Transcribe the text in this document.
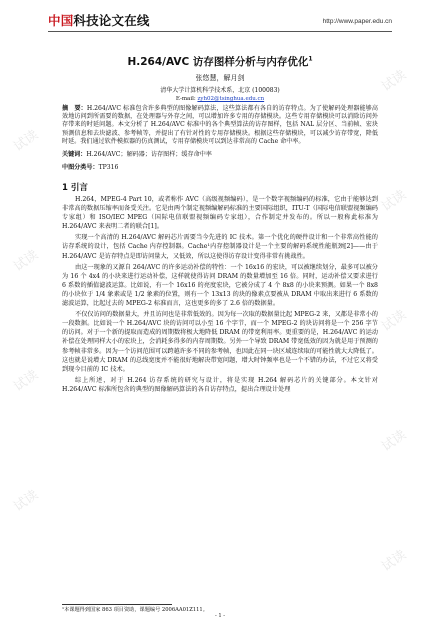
试读
试读
试读
试读
试读
试读
试读
试读
试读
中国科技论文在线	http://www.paper.edu.cn
H.264/AVC 访存图样分析与内存优化$^1$
张悠慧，解月剑
清华大学计算机科学技术系，北京 (100083)
E-mail: zyh02@tsinghua.edu.cn
摘　要：H.264/AVC 标准包含许多典型的图像解码算法，这些算法都有各自的访存特点。为了使解码处理器能够高效地访问到所需要的数据，在处理器与外存之间，可以增加许多专用的存储模块。这些专用存储模块可以消除访问外存带来的时延问题。本文分析了 H.264/AVC 标准中的各个典型算法的访存图样，包括 NAL 层分区、当前帧、宏块预测信息和去块滤波、参考帧等，并提出了有针对性的专用存储模块。根据这些存储模块，可以减少访存带宽，降低时延。我们通过软件模拟器的仿真测试，专用存储模块可以到达非常高的 Cache 命中率。
关键词：H.264/AVC；解码器；访存图样；缓存命中率
中图分类号：TP316
1 引言
H.264，MPEG-4 Part 10，或者称作 AVC（高级视频编码），是一个数字视频编码的标准，它由于能够达到非常高的数据压缩率而备受关注。它是由两个制定视频编解码标准的主要国际组织，ITU-T（国际电信联盟视频编码专家组）和 ISO/IEC MPEG（国际电信联盟视频编码专家组），合作制定并发布的。所以一般称此标准为 H.264/AVC 来表明二者的联合[1]。
实现一个高清的 H.264/AVC 解码芯片需要当今先进的 IC 技术。第一个优化的硬件设计和一个非常高性能的访存系统的设计，包括 Cache 内存控制器。Cache¹内存控制器设计是一个主要的解码系统性能瓶颈[2]——由于 H.264/AVC 是访存特点是即访问量大，又低效，所以这使得访存设计变得非常有挑战性。
由这一现象的又源自 264/AVC 的许多运动补偿的特性：一个 16x16 的宏块，可以被继续划分，最多可以被分为 16 个 4x4 的小块来进行运动补偿，这样就使得访问 DRAM 的数量增加至 16 倍。同时，运动补偿又要求进行 6 系数的插值滤波运算。比如说，有一个 16x16 的亮度宏块，它被分成了 4 个 8x8 的小块来预测。如果一个 8x8 的小块位于 1/4 象素或是 1/2 象素的位置，则有一个 13x13 的块的像素点要被从 DRAM 中取出来进行 6 系数的滤波运算，比起过去的 MPEG-2 标准而言，这也更多的多了 2.6 倍的数据量。
不仅仅访问的数据量大，并且访问也是非常低效的。因为每一次取的数据量比起 MPEG-2 来，又都是非常小的一段数据。比如说一个 H.264/AVC 块的访问可以小至 16 个字节，而一个 MPEG-2 的块访问将是一个 256 字节的访问。对于一个新的提取而造成的周期数将极大地降低 DRAM 的带宽利用率。更重要的是，H.264/AVC 的运动补偿在处理同样大小的宏块上，会消耗多得多的内存周期数。另外一个导致 DRAM 带宽低效的因为就是用于预测的参考帧非常多。因为一个访问范围可以跨越许多不同的参考帧，也因此在同一块区域连续取的可能性就大大降低了。这也就是说增大 DRAM 的总线宽度并不能很好地解决带宽问题，增大时钟频率也是一个不错的办法，不过它又将受到现今目前的 IC 技术。
综上所述，对于 H.264 访存系统的研究与设计，将是实现 H.264 解码芯片的关键部分。本文针对 H.264/AVC 标准所包含的典型的图像解码算法的各自访存特点，提出合理设计处理
¹本课题得到国家 863 项目资助，课题编号 2006AA01Z111。
- 1 -
